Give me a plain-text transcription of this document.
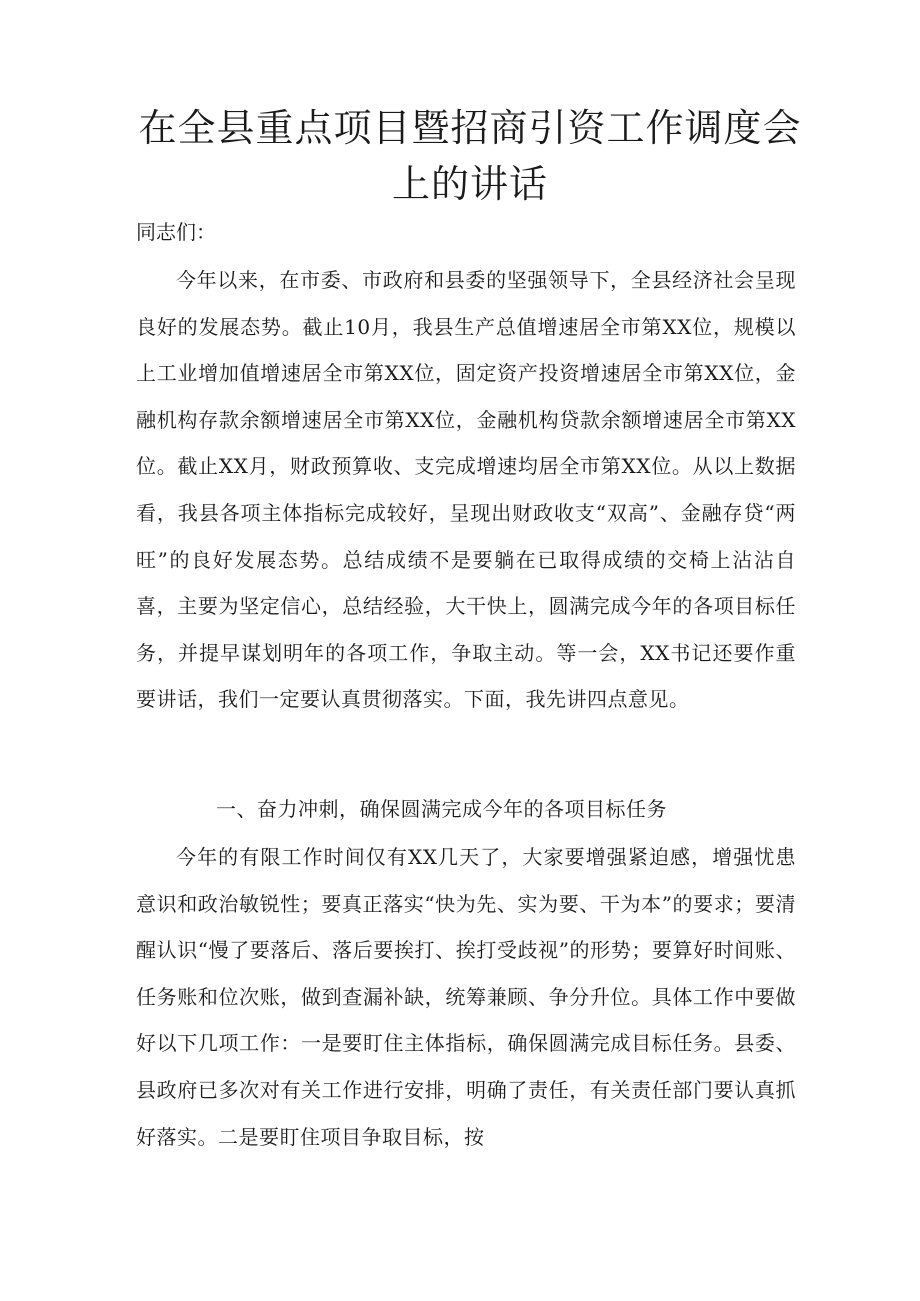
在全县重点项目暨招商引资工作调度会上的讲话

同志们：

今年以来，在市委、市政府和县委的坚强领导下，全县经济社会呈现良好的发展态势。截止10月，我县生产总值增速居全市第XX位，规模以上工业增加值增速居全市第XX位，固定资产投资增速居全市第XX位，金融机构存款余额增速居全市第XX位，金融机构贷款余额增速居全市第XX位。截止XX月，财政预算收、支完成增速均居全市第XX位。从以上数据看，我县各项主体指标完成较好，呈现出财政收支“双高”、金融存贷“两旺”的良好发展态势。总结成绩不是要躺在已取得成绩的交椅上沾沾自喜，主要为坚定信心，总结经验，大干快上，圆满完成今年的各项目标任务，并提早谋划明年的各项工作，争取主动。等一会，XX书记还要作重要讲话，我们一定要认真贯彻落实。下面，我先讲四点意见。

一、奋力冲刺，确保圆满完成今年的各项目标任务

今年的有限工作时间仅有XX几天了，大家要增强紧迫感，增强忧患意识和政治敏锐性；要真正落实“快为先、实为要、干为本”的要求；要清醒认识“慢了要落后、落后要挨打、挨打受歧视”的形势；要算好时间账、任务账和位次账，做到查漏补缺，统筹兼顾、争分升位。具体工作中要做好以下几项工作：一是要盯住主体指标，确保圆满完成目标任务。县委、县政府已多次对有关工作进行安排，明确了责任，有关责任部门要认真抓好落实。二是要盯住项目争取目标，按
